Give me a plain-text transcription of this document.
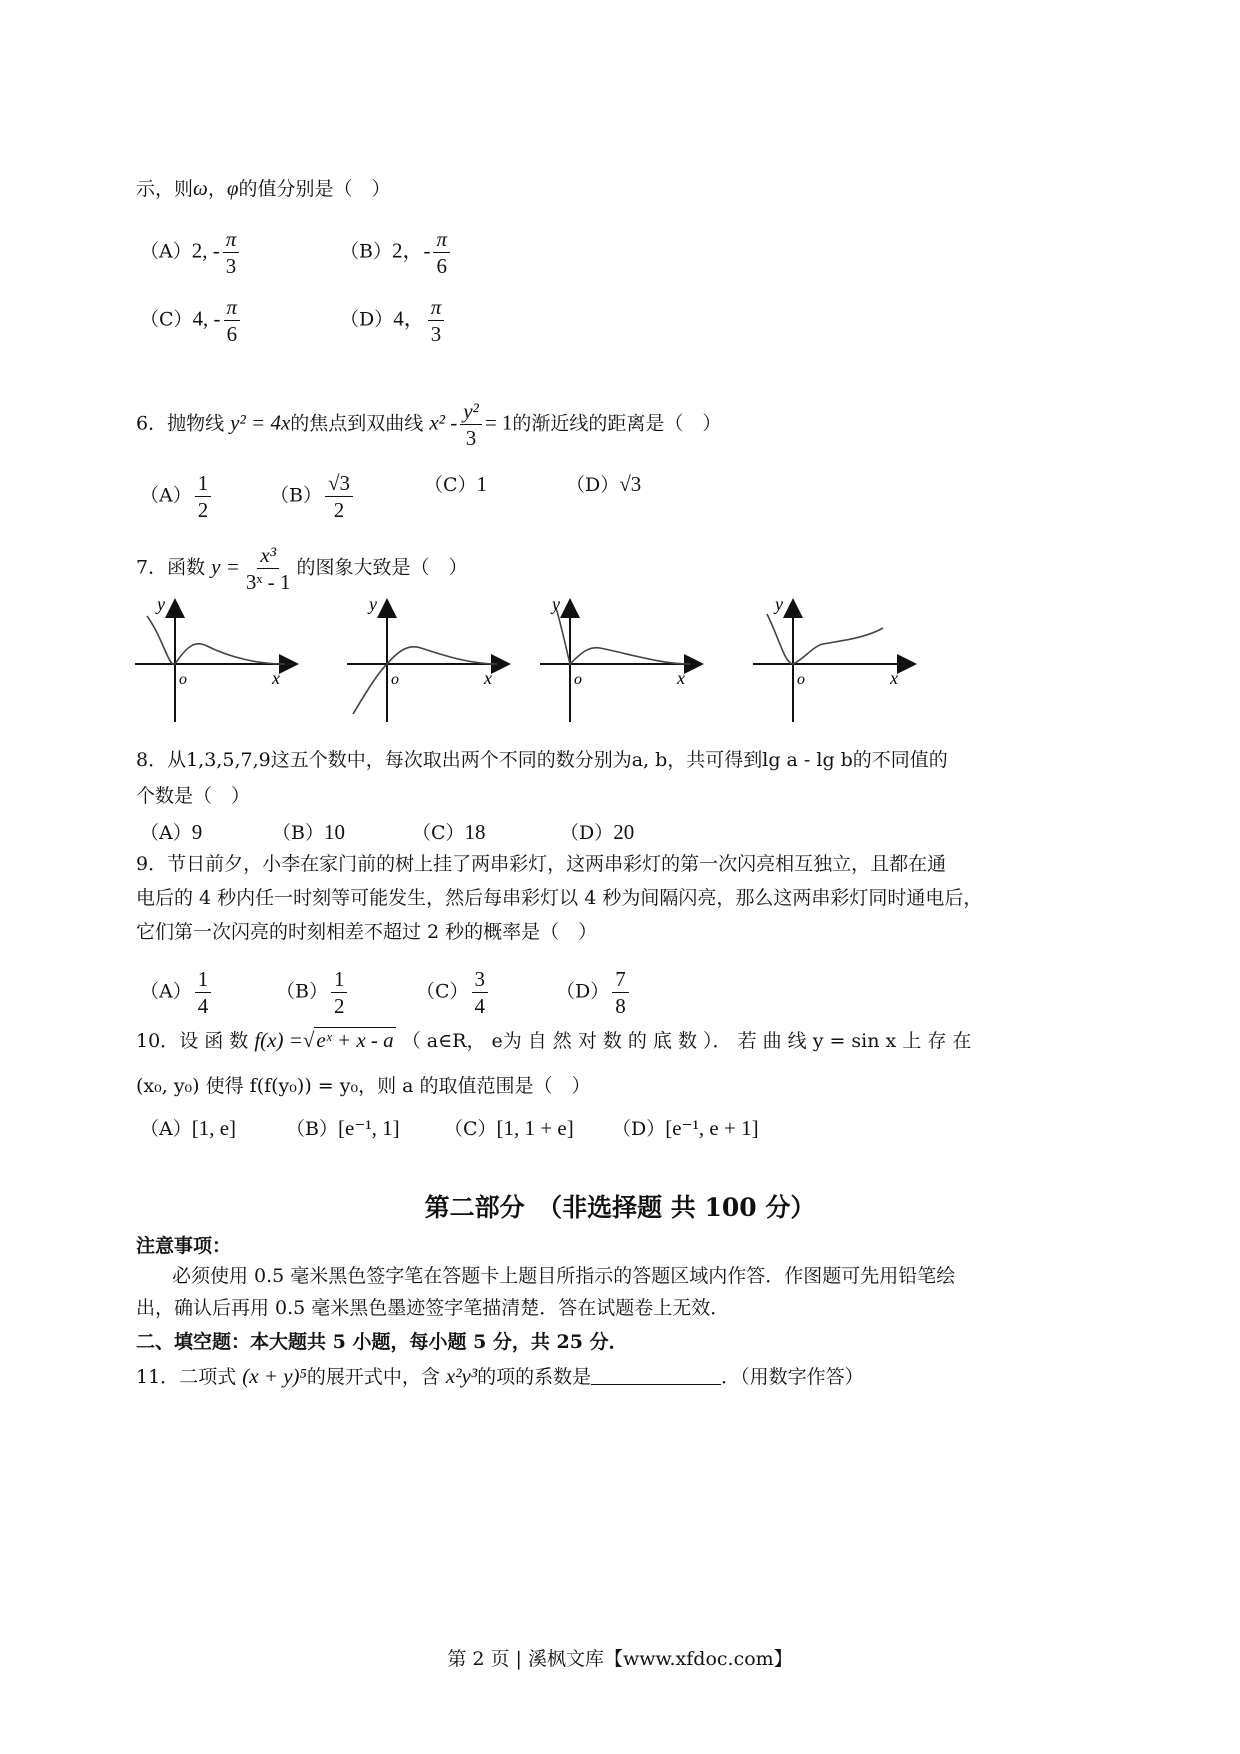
示，则ω，φ的值分别是（　）
（A）2, - $\frac{\pi}{3}$	（B）2，- $\frac{\pi}{6}$
（C）4, - $\frac{\pi}{6}$	（D）4， $\frac{\pi}{3}$
6．抛物线 y² = 4x的焦点到双曲线 $x^2 - \frac{\text{y²}}{3} = 1$的渐近线的距离是（　）
$(A) \frac{1}{2}$	$(B) \frac{√3}{2}$	（C）1	（D）√3
7．函数 $y = \frac{\text{x³}}{\text{3ˣ - 1}}$ 的图象大致是（　）
y
x
o
y
x
o
y
x
o
y
x
o
8．从1,3,5,7,9这五个数中，每次取出两个不同的数分别为a, b，共可得到lg a - lg b的不同值的
个数是（　）
（A）9	（B）10	（C）18	（D）20
9．节日前夕，小李在家门前的树上挂了两串彩灯，这两串彩灯的第一次闪亮相互独立，且都在通
电后的 4 秒内任一时刻等可能发生，然后每串彩灯以 4 秒为间隔闪亮，那么这两串彩灯同时通电后，
它们第一次闪亮的时刻相差不超过 2 秒的概率是（　）
$(A) \frac{1}{4}$	$(B) \frac{1}{2}$	$(C) \frac{3}{4}$	$(D) \frac{7}{8}$
10．设 函 数 f(x) =√eˣ + x - a （ a∈R， e为 自 然 对 数 的 底 数 ）． 若 曲 线 y = sin x 上 存 在
(x₀, y₀) 使得 f(f(y₀)) = y₀，则 a 的取值范围是（　）
（A）[1, e]	（B）[e⁻¹, 1] （C）[1, 1 + e] （D）[e⁻¹, e + 1]
第二部分　（非选择题 共 100 分）
注意事项：
必须使用 0.5 毫米黑色签字笔在答题卡上题目所指示的答题区域内作答．作图题可先用铅笔绘
出，确认后再用 0.5 毫米黑色墨迹签字笔描清楚．答在试题卷上无效．
二、填空题：本大题共 5 小题，每小题 5 分，共 25 分．
11．二项式 (x + y)⁵的展开式中，含 x²y³的项的系数是	．（用数字作答）
第 2 页 | 溪枫文库【www.xfdoc.com】
